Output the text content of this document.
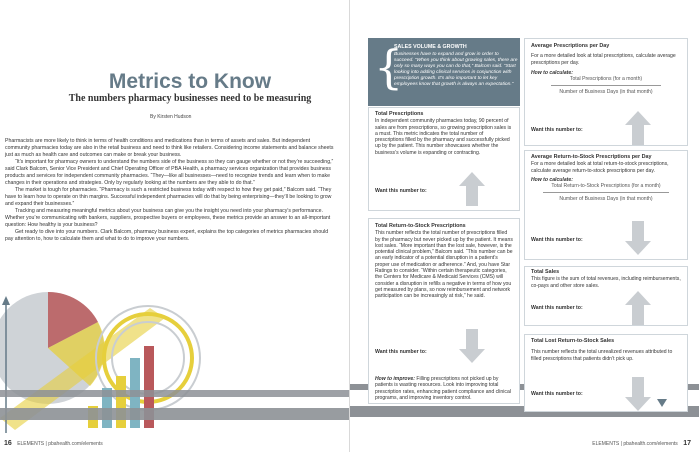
Metrics to Know
The numbers pharmacy businesses need to be measuring
By Kirsten Hudson

Pharmacists are more likely to think in terms of health conditions and medications than in terms of assets and sales. But independent community pharmacies today are also in the retail business and need to think like retailers. Considering income statements and balance sheets just as much as health care and outcomes can make or break your business.

“It’s important for pharmacy owners to understand the numbers side of the business so they can gauge whether or not they’re succeeding,” said Clark Balcom, Senior Vice President and Chief Operating Officer of PBA Health, a pharmacy services organization that provides business products and services for independent community pharmacies. “They—like all businesses—need to recognize trends and learn when to make changes in their operations and strategies. Only by regularly looking at the numbers are they able to do that.”

The market is tough for pharmacies. “Pharmacy is such a restricted business today with respect to how they get paid,” Balcom said. “They have to learn how to operate on thin margins. Successful independent pharmacies will do that by being enterprising—they’ll be looking to grow and expand their businesses.”

Tracking and measuring meaningful metrics about your business can give you the insight you need into your pharmacy’s performance. Whether you’re communicating with bankers, suppliers, prospective buyers or employees, these metrics provide an answer to an all-important question: How healthy is your business?

Get ready to dive into your numbers. Clark Balcom, pharmacy business expert, explains the top categories of metrics pharmacies should pay attention to, how to calculate them and what to do to improve your numbers.

16 ELEMENTS | pbahealth.com/elements
{
SALES VOLUME & GROWTH
Businesses have to expand and grow in order to succeed. “When you think about growing sales, there are only so many ways you can do that,” Balcom said. “Start looking into adding clinical services in conjunction with prescription growth. It’s also important to let key employees know that growth is always an expectation.”
Total Prescriptions
In independent community pharmacies today, 90 percent of sales are from prescriptions, so growing prescription sales is a must. This metric indicates the total number of prescriptions filled by the pharmacy and successfully picked up by the patient. This number showcases whether the business’s volume is expanding or contracting.
Want this number to:
Total Return-to-Stock Prescriptions
This number reflects the total number of prescriptions filled by the pharmacy but never picked up by the patient. It means lost sales. “More important than the lost sale, however, is the potential clinical problem,” Balcom said. “This number can be an early indicator of a potential disruption in a patient’s proper use of medication or adherence.” And, you have Star Ratings to consider. “Within certain therapeutic categories, the Centers for Medicare & Medicaid Services (CMS) will consider a disruption in refills a negative in terms of how you get measured by plans, so now reimbursement and network participation can be increasingly at risk,” he said.
Want this number to:
How to improve: Filling prescriptions not picked up by patients is wasting resources. Look into improving total prescription rates, enhancing patient compliance and clinical programs, and improving inventory control.
Average Prescriptions per Day
For a more detailed look at total prescriptions, calculate average prescriptions per day.
How to calculate:
Total Prescriptions (for a month)
Number of Business Days (in that month)
Want this number to:
Average Return-to-Stock Prescriptions per Day
For a more detailed look at total return-to-stock prescriptions, calculate average return-to-stock prescriptions per day.
How to calculate:
Total Return-to-Stock Prescriptions (for a month)
Number of Business Days (in that month)
Want this number to:
Total Sales
This figure is the sum of total revenues, including reimbursements, co-pays and other store sales.
Want this number to:
Total Lost Return-to-Stock Sales
This number reflects the total unrealized revenues attributed to filled prescriptions that patients didn’t pick up.
Want this number to:
ELEMENTS | pbahealth.com/elements 17
